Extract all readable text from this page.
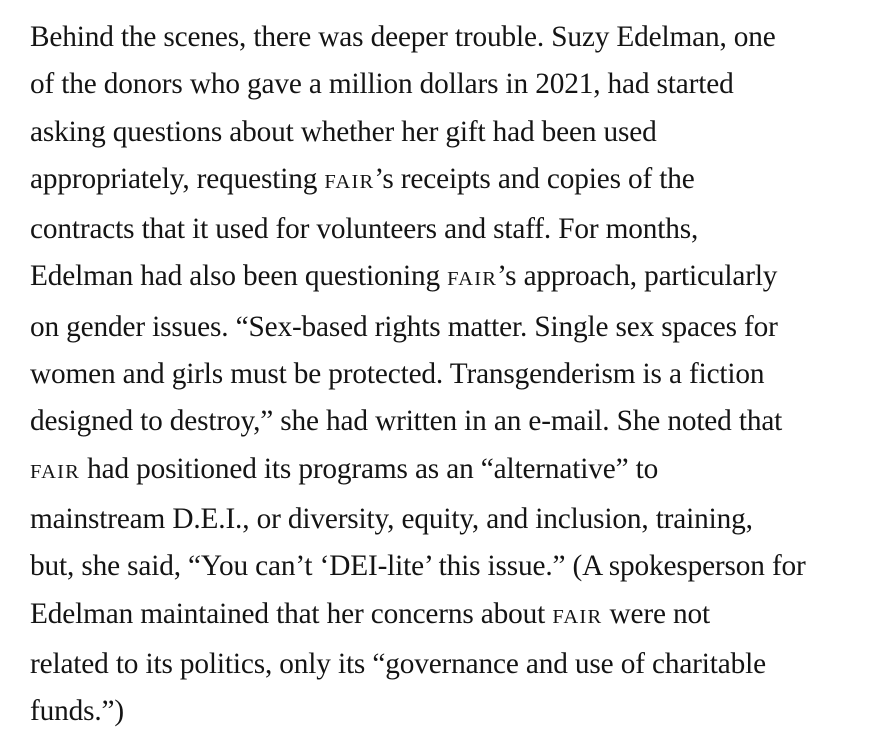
Behind the scenes, there was deeper trouble. Suzy Edelman, one
of the donors who gave a million dollars in 2021, had started
asking questions about whether her gift had been used
appropriately, requesting FAIR’s receipts and copies of the
contracts that it used for volunteers and staff. For months,
Edelman had also been questioning FAIR’s approach, particularly
on gender issues. “Sex-based rights matter. Single sex spaces for
women and girls must be protected. Transgenderism is a fiction
designed to destroy,” she had written in an e-mail. She noted that
FAIR had positioned its programs as an “alternative” to
mainstream D.E.I., or diversity, equity, and inclusion, training,
but, she said, “You can’t ‘DEI-lite’ this issue.” (A spokesperson for
Edelman maintained that her concerns about FAIR were not
related to its politics, only its “governance and use of charitable
funds.”)
